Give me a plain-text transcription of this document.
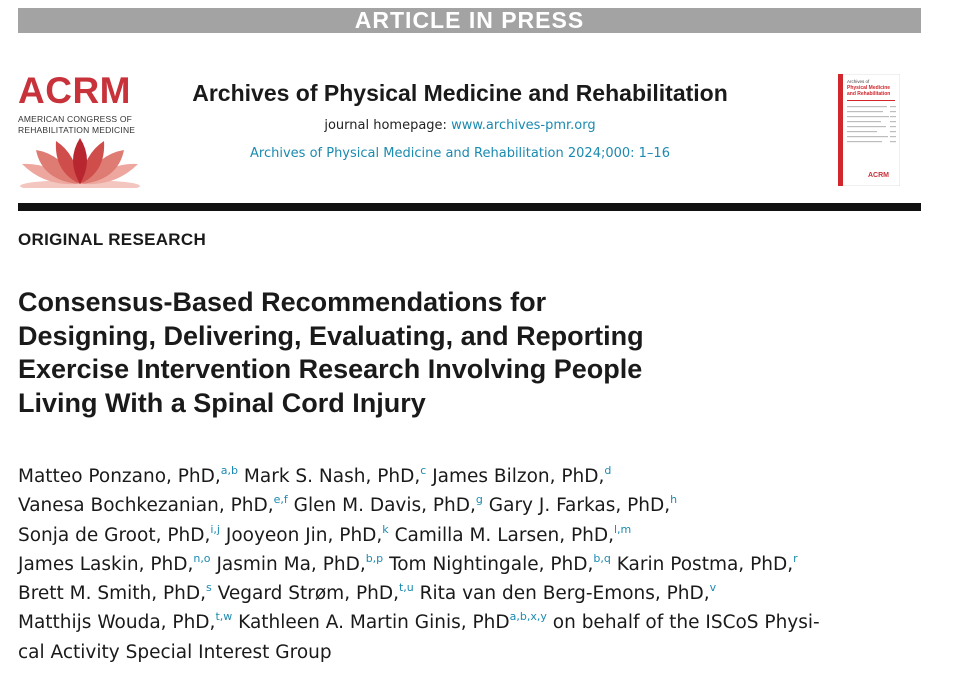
ARTICLE IN PRESS
ACRM
AMERICAN CONGRESS OF
REHABILITATION MEDICINE
Archives of Physical Medicine and Rehabilitation
journal homepage: www.archives-pmr.org
Archives of Physical Medicine and Rehabilitation 2024;000: 1–16
Archives of
Physical Medicine
and Rehabilitation
ACRM
ORIGINAL RESEARCH
Consensus-Based Recommendations for
Designing, Delivering, Evaluating, and Reporting
Exercise Intervention Research Involving People
Living With a Spinal Cord Injury
Matteo Ponzano, PhD,$^{a,b}$ Mark S. Nash, PhD,$^c$ James Bilzon, PhD,$^d$
Vanesa Bochkezanian, PhD,$^{e,f}$ Glen M. Davis, PhD,$^g$ Gary J. Farkas, PhD,$^h$
Sonja de Groot, PhD,$^{i,j}$ Jooyeon Jin, PhD,$^k$ Camilla M. Larsen, PhD,$^{l,m}$
James Laskin, PhD,$^{n,o}$ Jasmin Ma, PhD,$^{b,p}$ Tom Nightingale, PhD,$^{b,q}$ Karin Postma, PhD,$^r$
Brett M. Smith, PhD,$^s$ Vegard Strøm, PhD,$^{t,u}$ Rita van den Berg-Emons, PhD,$^v$
Matthijs Wouda, PhD,$^{t,w}$ Kathleen A. Martin Ginis, PhD$^{a,b,x,y}$ on behalf of the ISCoS Physi-
cal Activity Special Interest Group
